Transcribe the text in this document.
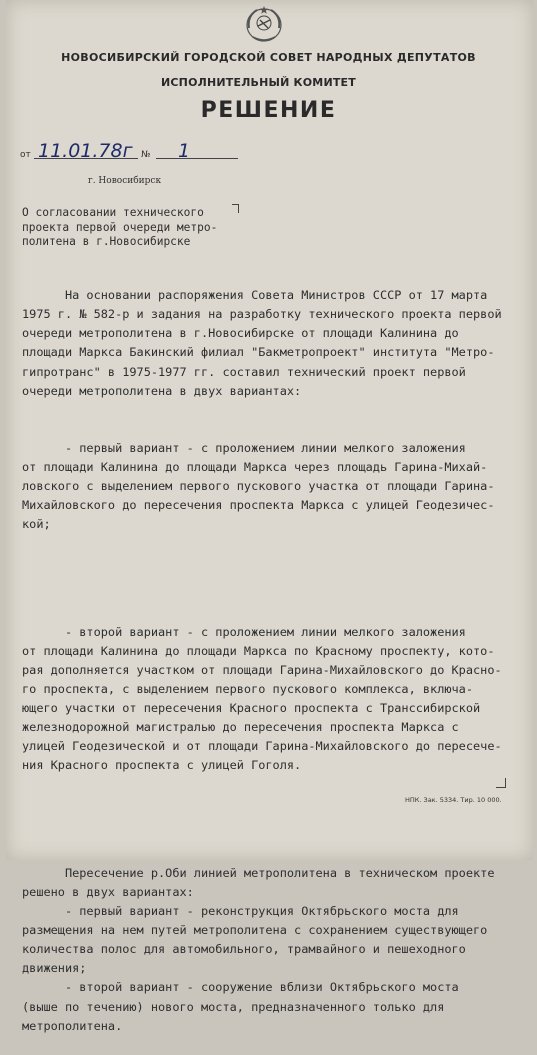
НОВОСИБИРСКИЙ ГОРОДСКОЙ СОВЕТ НАРОДНЫХ ДЕПУТАТОВ
ИСПОЛНИТЕЛЬНЫЙ КОМИТЕТ
РЕШЕНИЕ
от 11.01.78г № 1
г. Новосибирск
О согласовании технического
проекта первой очереди метро-
политена в г.Новосибирске

На основании распоряжения Совета Министров СССР от 17 марта
1975 г. № 582-р и задания на разработку технического проекта первой
очереди метрополитена в г.Новосибирске от площади Калинина до
площади Маркса Бакинский филиал "Бакметропроект" института "Метро-
гипротранс" в 1975-1977 гг. составил технический проект первой
очереди метрополитена в двух вариантах:

- первый вариант - с проложением линии мелкого заложения
от площади Калинина до площади Маркса через площадь Гарина-Михай-
ловского с выделением первого пускового участка от площади Гарина-
Михайловского до пересечения проспекта Маркса с улицей Геодезичес-
кой;

- второй вариант - с проложением линии мелкого заложения
от площади Калинина до площади Маркса по Красному проспекту, кото-
рая дополняется участком от площади Гарина-Михайловского до Красно-
го проспекта, с выделением первого пускового комплекса, включа-
ющего участки от пересечения Красного проспекта с Транссибирской
железнодорожной магистралью до пересечения проспекта Маркса с
улицей Геодезической и от площади Гарина-Михайловского до пересече-
ния Красного проспекта с улицей Гоголя.

Пересечение р.Оби линией метрополитена в техническом проекте
решено в двух вариантах:
- первый вариант - реконструкция Октябрьского моста для
размещения на нем путей метрополитена с сохранением существующего
количества полос для автомобильного, трамвайного и пешеходного
движения;
- второй вариант - сооружение вблизи Октябрьского моста
(выше по течению) нового моста, предназначенного только для
метрополитена.

НПК. Зак. 5334. Тир. 10 000.
